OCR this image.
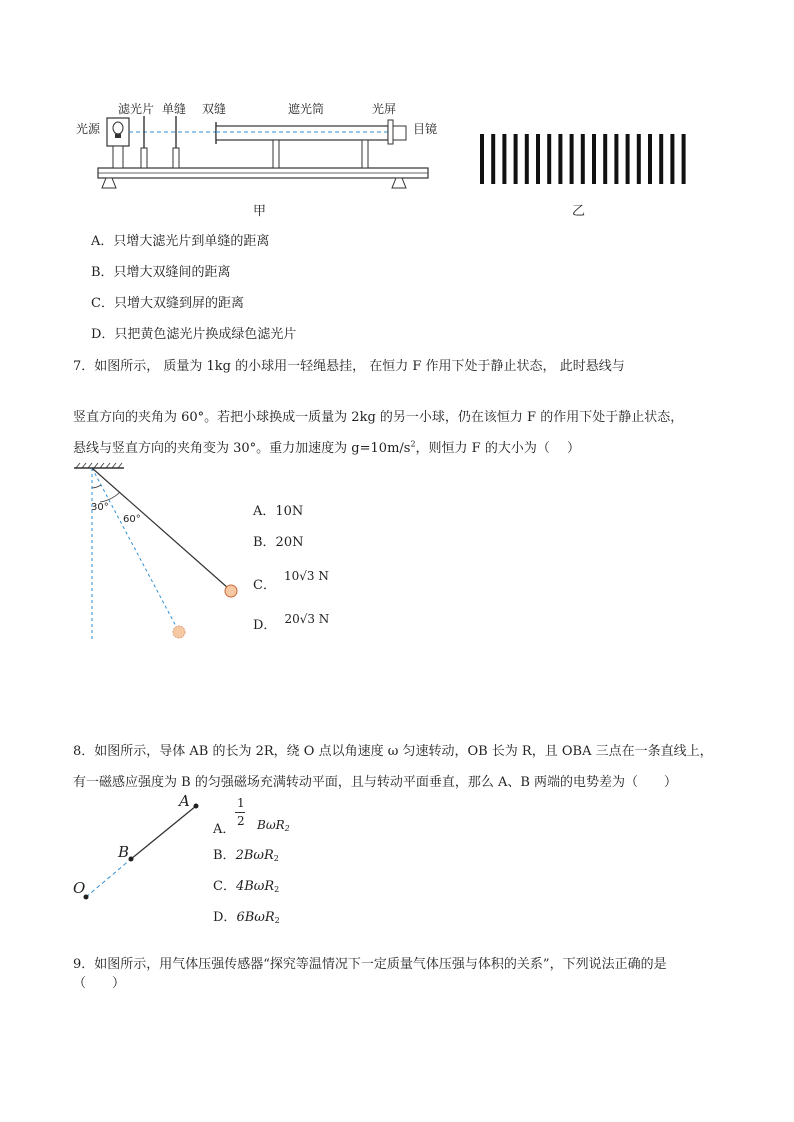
光源
滤光片 单缝 双缝	遮光筒	光屏
目镜
甲	乙
A．只增大滤光片到单缝的距离
B．只增大双缝间的距离
C．只增大双缝到屏的距离
D．只把黄色滤光片换成绿色滤光片
7．如图所示， 质量为 1kg 的小球用一轻绳悬挂， 在恒力 F 作用下处于静止状态， 此时悬线与
竖直方向的夹角为 60°。若把小球换成一质量为 2kg 的另一小球，仍在该恒力 F 的作用下处于静止状态，
悬线与竖直方向的夹角变为 30°。重力加速度为 $g=10m/s^2$，则恒力 F 的大小为（　 ）
30°
60°
A．10N
B．20N
C．10√3 N
D． 20√3 N
8．如图所示，导体 AB 的长为 2R，绕 O 点以角速度 ω 匀速转动，OB 长为 R，且 OBA 三点在一条直线上，
有一磁感应强度为 B 的匀强磁场充满转动平面，且与转动平面垂直，那么 A、B 两端的电势差为（　　）
A
B
O
1
2
A． BωR$_2$
B．2BωR$_2$
C．4BωR$_2$
D．6BωR$_2$
9．如图所示，用气体压强传感器“探究等温情况下一定质量气体压强与体积的关系”，下列说法正确的是
（　　）
